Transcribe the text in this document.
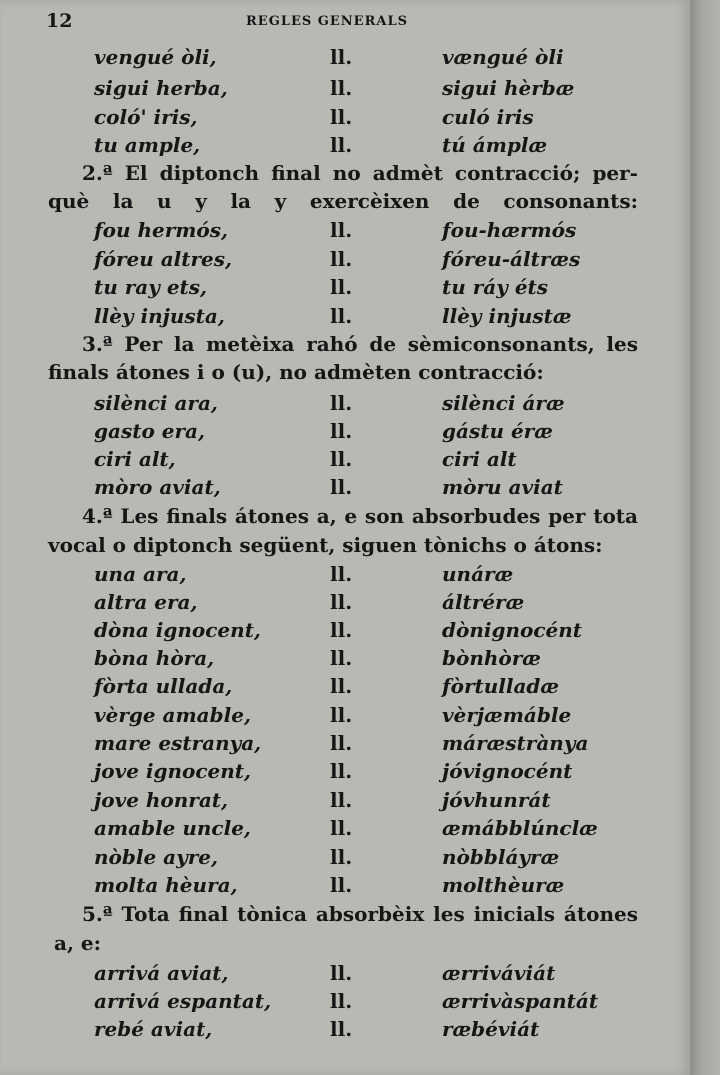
12	REGLES GENERALS
vengué òli,	ll.	vængué òli
sigui herba,	ll.	sigui hèrbæ
coló' iris,	ll.	culó iris
tu ample,	ll.	tú ámplæ
2.ª El diptonch final no admèt contracció; per-
què la u y la y exercèixen de consonants:
fou hermós,	ll.	fou-hærmós
fóreu altres,	ll.	fóreu-áltræs
tu ray ets,	ll.	tu ráy éts
llèy injusta,	ll.	llèy injustæ
3.ª Per la metèixa rahó de sèmiconsonants, les
finals átones i o (u), no admèten contracció:
silènci ara,	ll.	silènci áræ
gasto era,	ll.	gástu éræ
ciri alt,	ll.	ciri alt
mòro aviat,	ll.	mòru aviat
4.ª Les finals átones a, e son absorbudes per tota
vocal o diptonch següent, siguen tònichs o átons:
una ara,	ll.	unáræ
altra era,	ll.	áltréræ
dòna ignocent,	ll.	dònignocént
bòna hòra,	ll.	bònhòræ
fòrta ullada,	ll.	fòrtulladæ
vèrge amable,	ll.	vèrjæmáble
mare estranya,	ll.	máræstrànya
jove ignocent,	ll.	jóvignocént
jove honrat,	ll.	jóvhunrát
amable uncle,	ll.	æmábblúnclæ
nòble ayre,	ll.	nòbbláyræ
molta hèura,	ll.	molthèuræ
5.ª Tota final tònica absorbèix les inicials átones
a, e:
arrivá aviat,	ll.	ærriváviát
arrivá espantat,	ll.	ærrivàspantát
rebé aviat,	ll.	ræbéviát
